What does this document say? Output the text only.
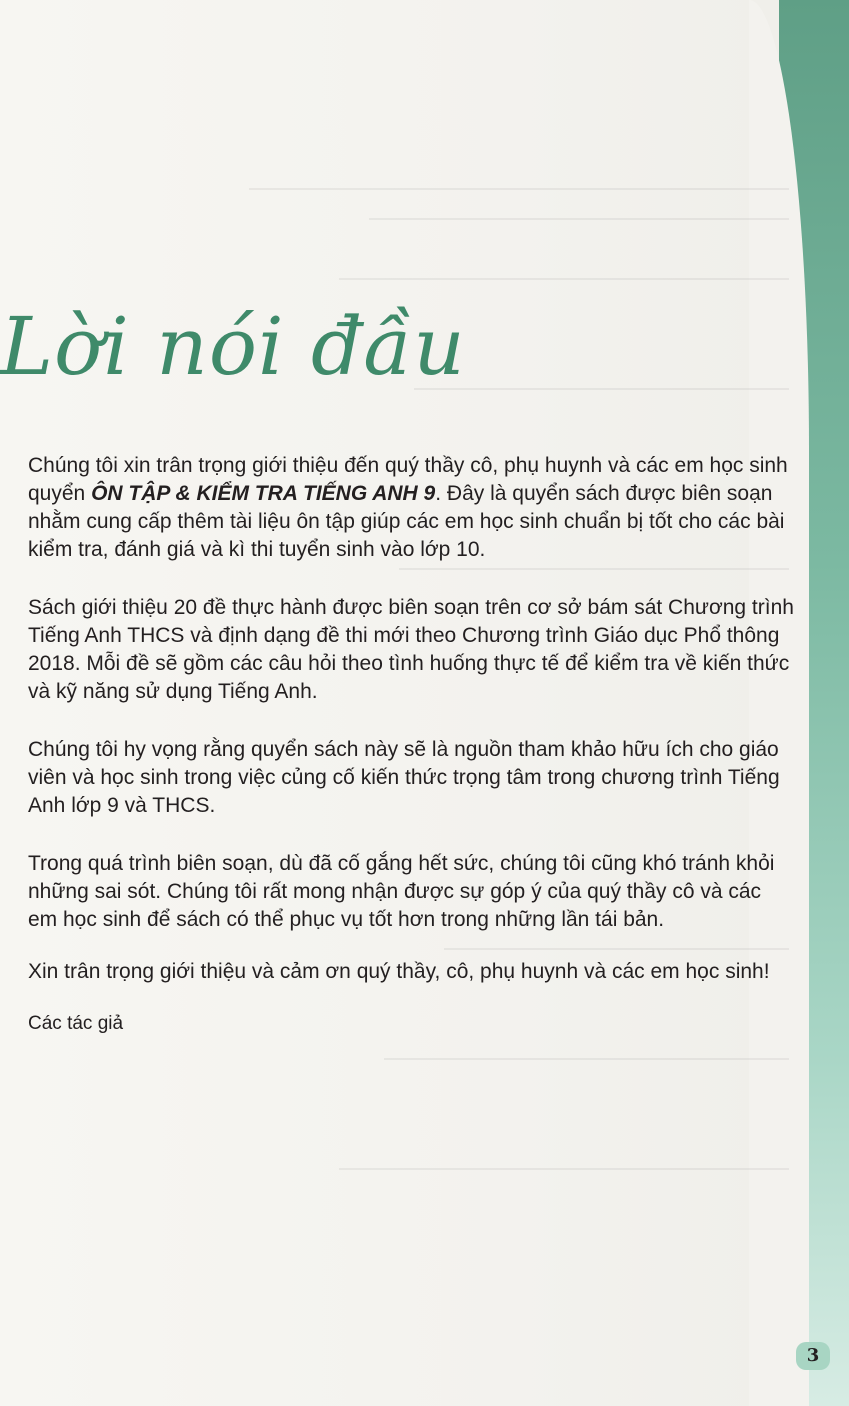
————————————————————————————————————
————————————————————————————
——————————————————————————————
—————————————————————————
——————————————————————————
———————————————————————
———————————————————————————
——————————————————————————————
Lời nói đầu

Chúng tôi xin trân trọng giới thiệu đến quý thầy cô, phụ huynh và các em học sinh quyển ÔN TẬP & KIỂM TRA TIẾNG ANH 9. Đây là quyển sách được biên soạn nhằm cung cấp thêm tài liệu ôn tập giúp các em học sinh chuẩn bị tốt cho các bài kiểm tra, đánh giá và kì thi tuyển sinh vào lớp 10.

Sách giới thiệu 20 đề thực hành được biên soạn trên cơ sở bám sát Chương trình Tiếng Anh THCS và định dạng đề thi mới theo Chương trình Giáo dục Phổ thông 2018. Mỗi đề sẽ gồm các câu hỏi theo tình huống thực tế để kiểm tra về kiến thức và kỹ năng sử dụng Tiếng Anh.

Chúng tôi hy vọng rằng quyển sách này sẽ là nguồn tham khảo hữu ích cho giáo viên và học sinh trong việc củng cố kiến thức trọng tâm trong chương trình Tiếng Anh lớp 9 và THCS.

Trong quá trình biên soạn, dù đã cố gắng hết sức, chúng tôi cũng khó tránh khỏi những sai sót. Chúng tôi rất mong nhận được sự góp ý của quý thầy cô và các em học sinh để sách có thể phục vụ tốt hơn trong những lần tái bản.

Xin trân trọng giới thiệu và cảm ơn quý thầy, cô, phụ huynh và các em học sinh!

Các tác giả

3
